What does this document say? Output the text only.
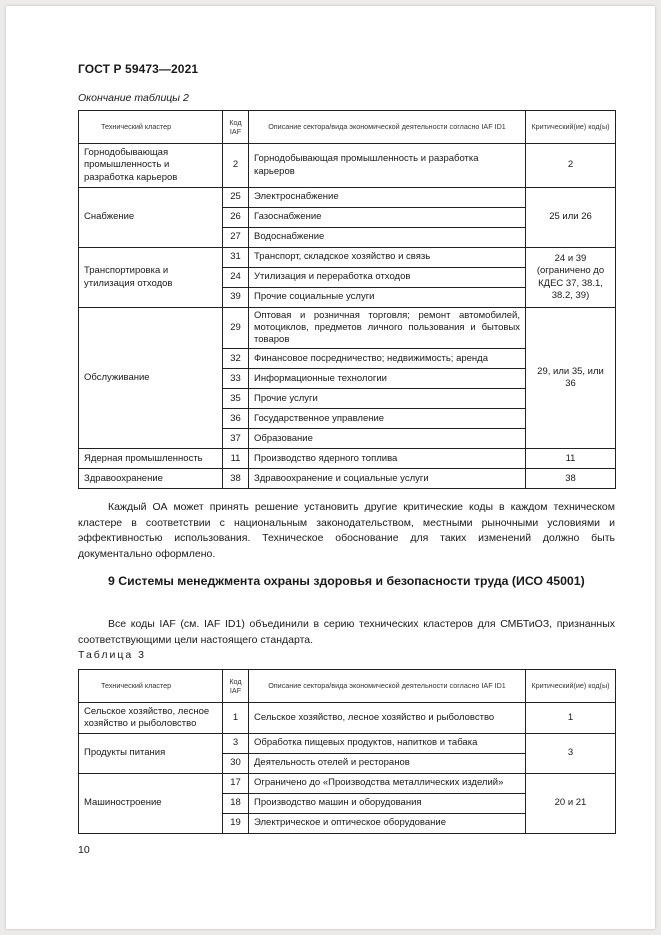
ГОСТ Р 59473—2021
Окончание таблицы 2
Технический кластер	Код IAF	Описание сектора/вида экономической деятельности согласно IAF ID1	Критический(ие) код(ы)
Горнодобывающая промышленность и разработка карьеров	2	Горнодобывающая промышленность и разработка карьеров	2
Снабжение	25	Электроснабжение	25 или 26
	26	Газоснабжение	
	27	Водоснабжение	
Транспортировка и утилизация отходов	31	Транспорт, складское хозяйство и связь	24 и 39 (ограничено до КДЕС 37, 38.1, 38.2, 39)
	24	Утилизация и переработка отходов	
	39	Прочие социальные услуги	
Обслуживание	29	Оптовая и розничная торговля; ремонт автомобилей, мотоциклов, предметов личного пользования и бытовых товаров	29, или 35, или 36
	32	Финансовое посредничество; недвижимость; аренда	
	33	Информационные технологии	
	35	Прочие услуги	
	36	Государственное управление	
	37	Образование	
Ядерная промышленность	11	Производство ядерного топлива	11
Здравоохранение	38	Здравоохранение и социальные услуги	38
Каждый ОА может принять решение установить другие критические коды в каждом техническом кластере в соответствии с национальным законодательством, местными рыночными условиями и эффективностью использования. Техническое обоснование для таких изменений должно быть документально оформлено.
9 Системы менеджмента охраны здоровья и безопасности труда (ИСО 45001)
Все коды IAF (см. IAF ID1) объединили в серию технических кластеров для СМБТиОЗ, признанных соответствующими цели настоящего стандарта.
Таблица 3
Технический кластер	Код IAF	Описание сектора/вида экономической деятельности согласно IAF ID1	Критический(ие) код(ы)
Сельское хозяйство, лесное хозяйство и рыболовство	1	Сельское хозяйство, лесное хозяйство и рыболовство	1
Продукты питания	3	Обработка пищевых продуктов, напитков и табака	3
	30	Деятельность отелей и ресторанов	
Машиностроение	17	Ограничено до «Производства металлических изделий»	20 и 21
	18	Производство машин и оборудования	
	19	Электрическое и оптическое оборудование	
10
